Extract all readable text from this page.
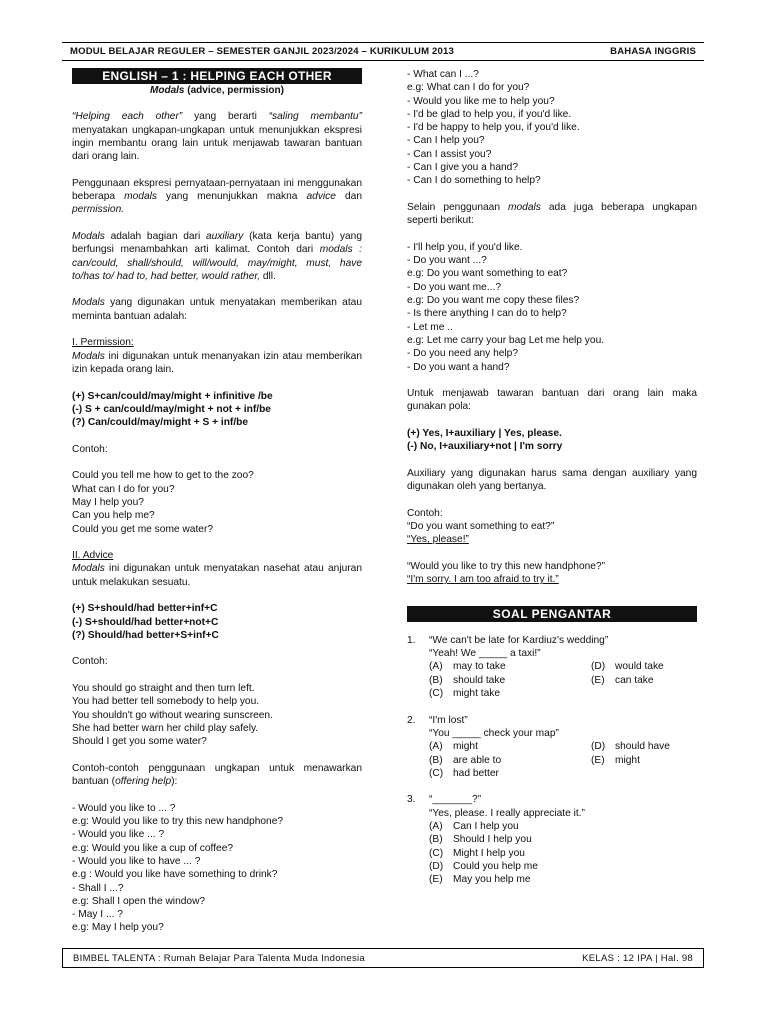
MODUL BELAJAR REGULER – SEMESTER GANJIL 2023/2024 – KURIKULUM 2013	BAHASA INGGRIS
ENGLISH – 1 : HELPING EACH OTHER
Modals (advice, permission)

“Helping each other” yang berarti “saling membantu” menyatakan ungkapan-ungkapan untuk menunjukkan ekspresi ingin membantu orang lain untuk menjawab tawaran bantuan dari orang lain.

Penggunaan ekspresi pernyataan-pernyataan ini menggunakan beberapa modals yang menunjukkan makna advice dan permission.

Modals adalah bagian dari auxiliary (kata kerja bantu) yang berfungsi menambahkan arti kalimat. Contoh dari modals : can/could, shall/should, will/would, may/might, must, have to/has to/ had to, had better, would rather, dll.

Modals yang digunakan untuk menyatakan memberikan atau meminta bantuan adalah:

I. Permission:

Modals ini digunakan untuk menanyakan izin atau memberikan izin kepada orang lain.

(+) S+can/could/may/might + infinitive /be
(-) S + can/could/may/might + not + inf/be
(?) Can/could/may/might + S + inf/be
Contoh:
Could you tell me how to get to the zoo?
What can I do for you?
May I help you?
Can you help me?
Could you get me some water?
II. Advice

Modals ini digunakan untuk menyatakan nasehat atau anjuran untuk melakukan sesuatu.

(+) S+should/had better+inf+C
(-) S+should/had better+not+C
(?) Should/had better+S+inf+C
Contoh:
You should go straight and then turn left.
You had better tell somebody to help you.
You shouldn't go without wearing sunscreen.
She had better warn her child play safely.
Should I get you some water?

Contoh-contoh penggunaan ungkapan untuk menawarkan bantuan (offering help):

- Would you like to ... ?
e.g: Would you like to try this new handphone?
- Would you like ... ?
e.g: Would you like a cup of coffee?
- Would you like to have ... ?
e.g : Would you like have something to drink?
- Shall I ...?
e.g: Shall I open the window?
- May I ... ?
e.g: May I help you?
- What can I ...?
e.g: What can I do for you?
- Would you like me to help you?
- I'd be glad to help you, if you'd like.
- I'd be happy to help you, if you'd like.
- Can I help you?
- Can I assist you?
- Can I give you a hand?
- Can I do something to help?

Selain penggunaan modals ada juga beberapa ungkapan seperti berikut:

- I'll help you, if you'd like.
- Do you want ...?
e.g: Do you want something to eat?
- Do you want me...?
e.g: Do you want me copy these files?
- Is there anything I can do to help?
- Let me ..
e.g: Let me carry your bag Let me help you.
- Do you need any help?
- Do you want a hand?

Untuk menjawab tawaran bantuan dari orang lain maka gunakan pola:

(+) Yes, I+auxiliary | Yes, please.
(-) No, I+auxiliary+not | I'm sorry

Auxiliary yang digunakan harus sama dengan auxiliary yang digunakan oleh yang bertanya.

Contoh:
“Do you want something to eat?”
“Yes, please!”
“Would you like to try this new handphone?”
“I'm sorry. I am too afraid to try it.”
SOAL PENGANTAR
1.	“We can't be late for Kardiuz's wedding”
“Yeah! We _____ a taxi!”
(A)	may to take	(D) would take
(B)	should take	(E)	can take
(C) might take
2.	“I'm lost”
“You _____ check your map”
(A)	might	(D) should have
(B)	are able to	(E)	might
(C) had better
3.	“_______?”
“Yes, please. I really appreciate it.”
(A)	Can I help you
(B)	Should I help you
(C) Might I help you
(D) Could you help me
(E)	May you help me
BIMBEL TALENTA : Rumah Belajar Para Talenta Muda Indonesia	KELAS : 12 IPA | Hal. 98
